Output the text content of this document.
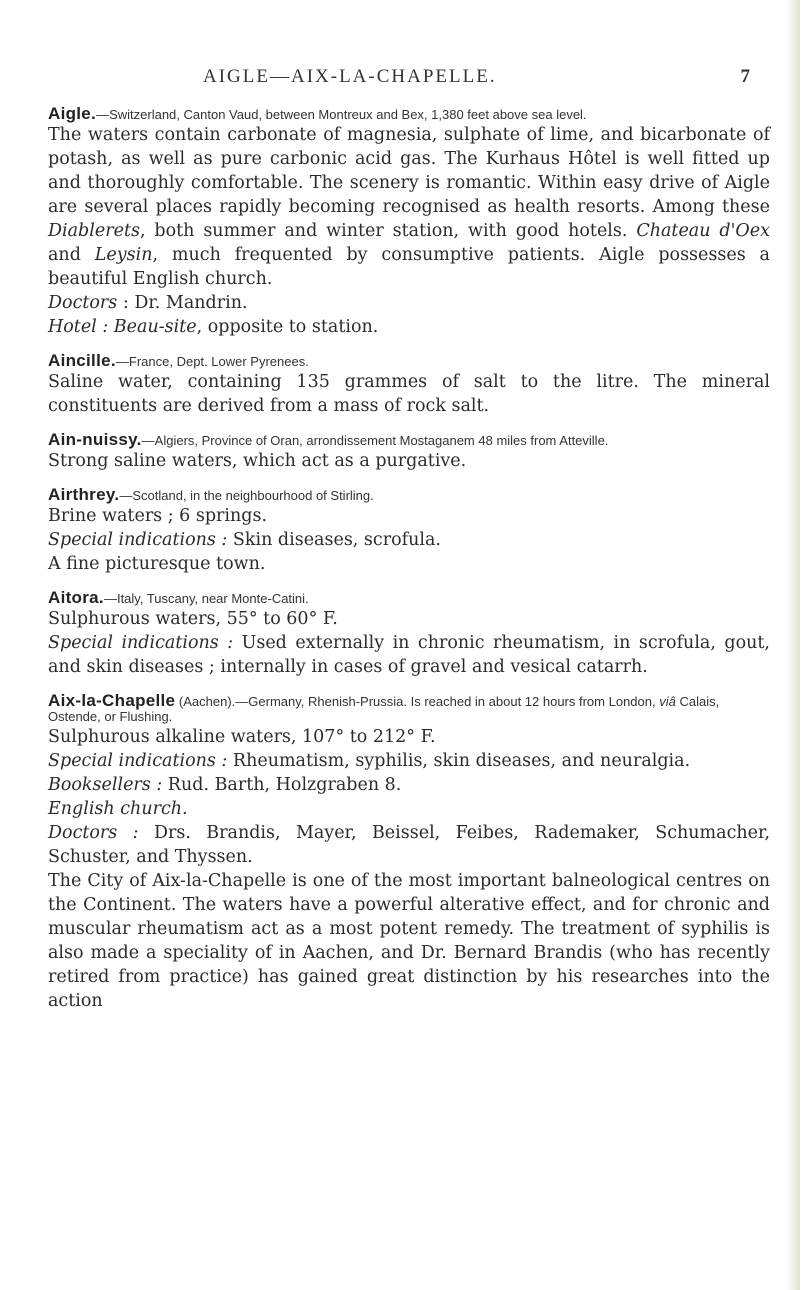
AIGLE—AIX-LA-CHAPELLE.	7

Aigle.—Switzerland, Canton Vaud, between Montreux and Bex, 1,380 feet above sea level.

The waters contain carbonate of magnesia, sulphate of lime, and bicarbonate of potash, as well as pure carbonic acid gas. The Kurhaus Hôtel is well fitted up and thoroughly comfortable. The scenery is romantic. Within easy drive of Aigle are several places rapidly becoming recognised as health resorts. Among these Diablerets, both summer and winter station, with good hotels. Chateau d'Oex and Leysin, much frequented by consumptive patients. Aigle possesses a beautiful English church.

Doctors : Dr. Mandrin.

Hotel : Beau-site, opposite to station.

Aincille.—France, Dept. Lower Pyrenees.

Saline water, containing 135 grammes of salt to the litre. The mineral constituents are derived from a mass of rock salt.

Ain-nuissy.—Algiers, Province of Oran, arrondissement Mostaganem 48 miles from Atteville.

Strong saline waters, which act as a purgative.

Airthrey.—Scotland, in the neighbourhood of Stirling.

Brine waters ; 6 springs.

Special indications : Skin diseases, scrofula.

A fine picturesque town.

Aitora.—Italy, Tuscany, near Monte-Catini.

Sulphurous waters, 55° to 60° F.

Special indications : Used externally in chronic rheumatism, in scrofula, gout, and skin diseases ; internally in cases of gravel and vesical catarrh.

Aix-la-Chapelle (Aachen).—Germany, Rhenish-Prussia. Is reached in about 12 hours from London, viâ Calais, Ostende, or Flushing.

Sulphurous alkaline waters, 107° to 212° F.

Special indications : Rheumatism, syphilis, skin diseases, and neuralgia.

Booksellers : Rud. Barth, Holzgraben 8.

English church.

Doctors : Drs. Brandis, Mayer, Beissel, Feibes, Rademaker, Schumacher, Schuster, and Thyssen.

The City of Aix-la-Chapelle is one of the most important balneological centres on the Continent. The waters have a powerful alterative effect, and for chronic and muscular rheumatism act as a most potent remedy. The treatment of syphilis is also made a speciality of in Aachen, and Dr. Bernard Brandis (who has recently retired from practice) has gained great distinction by his researches into the action
